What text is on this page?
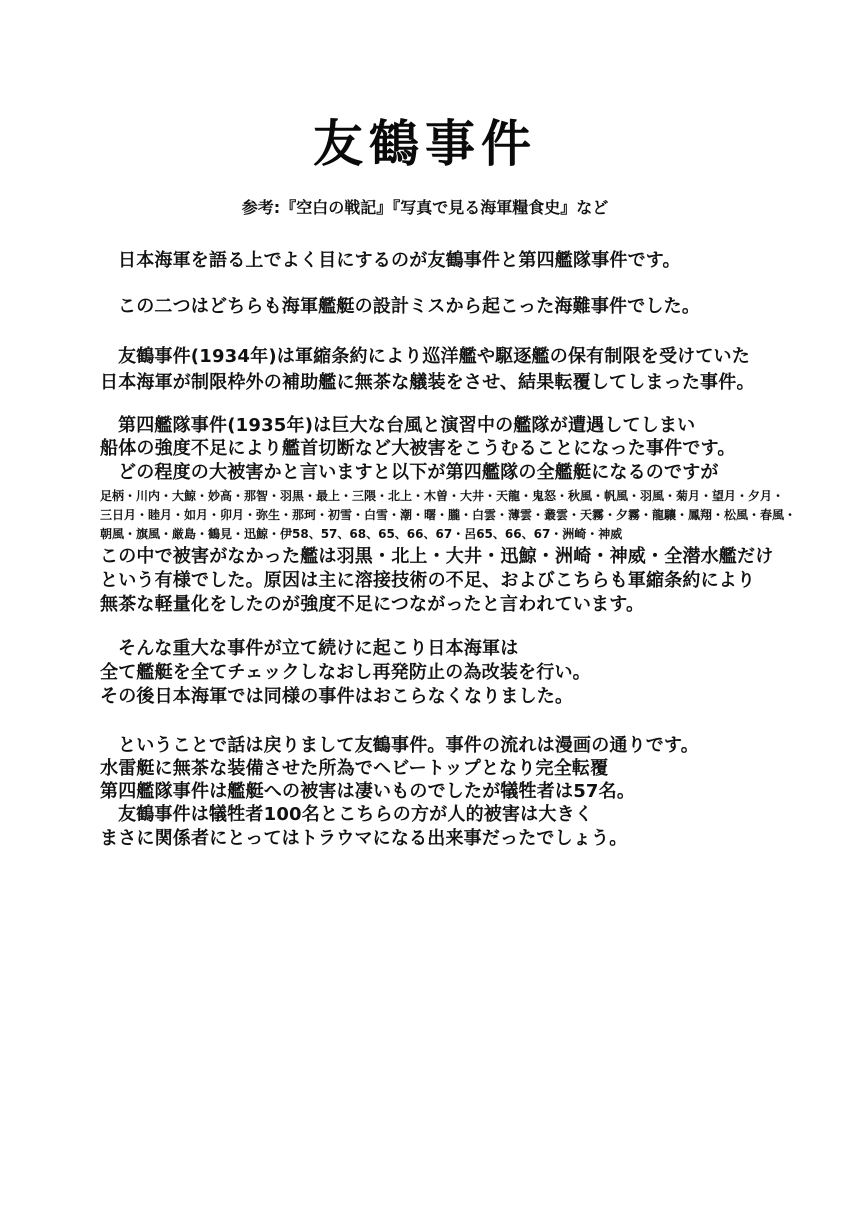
友鶴事件
参考:『空白の戦記』『写真で見る海軍糧食史』など
日本海軍を語る上でよく目にするのが友鶴事件と第四艦隊事件です。
この二つはどちらも海軍艦艇の設計ミスから起こった海難事件でした。
友鶴事件(1934年)は軍縮条約により巡洋艦や駆逐艦の保有制限を受けていた
日本海軍が制限枠外の補助艦に無茶な艤装をさせ、結果転覆してしまった事件。
第四艦隊事件(1935年)は巨大な台風と演習中の艦隊が遭遇してしまい
船体の強度不足により艦首切断など大被害をこうむることになった事件です。
どの程度の大被害かと言いますと以下が第四艦隊の全艦艇になるのですが
足柄・川内・大鯨・妙高・那智・羽黒・最上・三隈・北上・木曽・大井・天龍・鬼怒・秋風・帆風・羽風・菊月・望月・夕月・
三日月・睦月・如月・卯月・弥生・那珂・初雪・白雪・潮・曙・朧・白雲・薄雲・叢雲・天霧・夕霧・龍驤・鳳翔・松風・春風・
朝風・旗風・厳島・鶴見・迅鯨・伊58、57、68、65、66、67・呂65、66、67・洲崎・神威
この中で被害がなかった艦は羽黒・北上・大井・迅鯨・洲崎・神威・全潜水艦だけ
という有様でした。原因は主に溶接技術の不足、およびこちらも軍縮条約により
無茶な軽量化をしたのが強度不足につながったと言われています。
そんな重大な事件が立て続けに起こり日本海軍は
全て艦艇を全てチェックしなおし再発防止の為改装を行い。
その後日本海軍では同様の事件はおこらなくなりました。
ということで話は戻りまして友鶴事件。事件の流れは漫画の通りです。
水雷艇に無茶な装備させた所為でヘビートップとなり完全転覆
第四艦隊事件は艦艇への被害は凄いものでしたが犠牲者は57名。
友鶴事件は犠牲者100名とこちらの方が人的被害は大きく
まさに関係者にとってはトラウマになる出来事だったでしょう。
